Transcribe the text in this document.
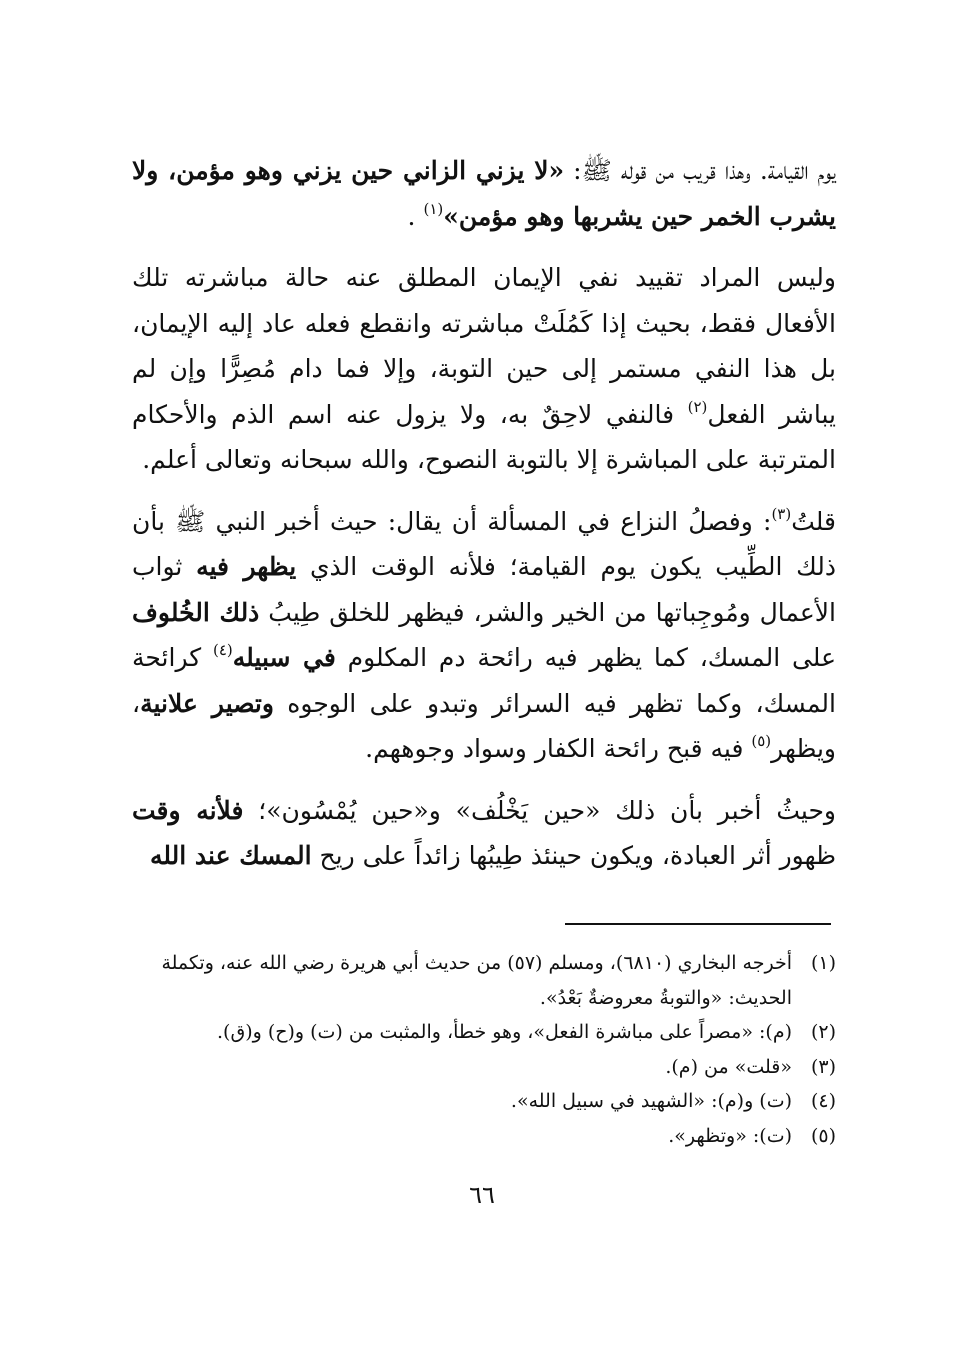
يوم القيامة. وهذا قريب من قوله ﷺ: «لا يزني الزاني حين يزني وهو مؤمن، ولا يشرب الخمر حين يشربها وهو مؤمن»$^{(١)}$ .

وليس المراد تقييد نفي الإيمان المطلق عنه حالة مباشرته تلك الأفعال فقط، بحيث إذا كَمُلَتْ مباشرته وانقطع فعله عاد إليه الإيمان، بل هذا النفي مستمر إلى حين التوبة، وإلا فما دام مُصِرًّا وإن لم يباشر الفعل$^{(٢)}$ فالنفي لاحِقٌ به، ولا يزول عنه اسم الذم والأحكام المترتبة على المباشرة إلا بالتوبة النصوح، والله سبحانه وتعالى أعلم.

قلتُ$^{(٣)}$: وفصلُ النزاع في المسألة أن يقال: حيث أخبر النبي ﷺ بأن ذلك الطِّيب يكون يوم القيامة؛ فلأنه الوقت الذي يظهر فيه ثواب الأعمال ومُوجِباتها من الخير والشر، فيظهر للخلق طِيبُ ذلك الخُلوف على المسك، كما يظهر فيه رائحة دم المكلوم في سبيله$^{(٤)}$ كرائحة المسك، وكما تظهر فيه السرائر وتبدو على الوجوه وتصير علانية، ويظهر$^{(٥)}$ فيه قبح رائحة الكفار وسواد وجوههم.

وحيثُ أخبر بأن ذلك «حين يَخْلُف» و«حين يُمْسُون»؛ فلأنه وقت ظهور أثر العبادة، ويكون حينئذ طِيبُها زائداً على ريح المسك عند الله

(١)
أخرجه البخاري (٦٨١٠)، ومسلم (٥٧) من حديث أبي هريرة رضي الله عنه، وتكملة الحديث: «والتوبةُ معروضةٌ بَعْدُ».
(٢)
(م): «مصراً على مباشرة الفعل»، وهو خطأ، والمثبت من (ت) و(ح) و(ق).
(٣)
«قلت» من (م).
(٤)
(ت) و(م): «الشهيد في سبيل الله».
(٥)
(ت): «وتظهر».
٦٦
